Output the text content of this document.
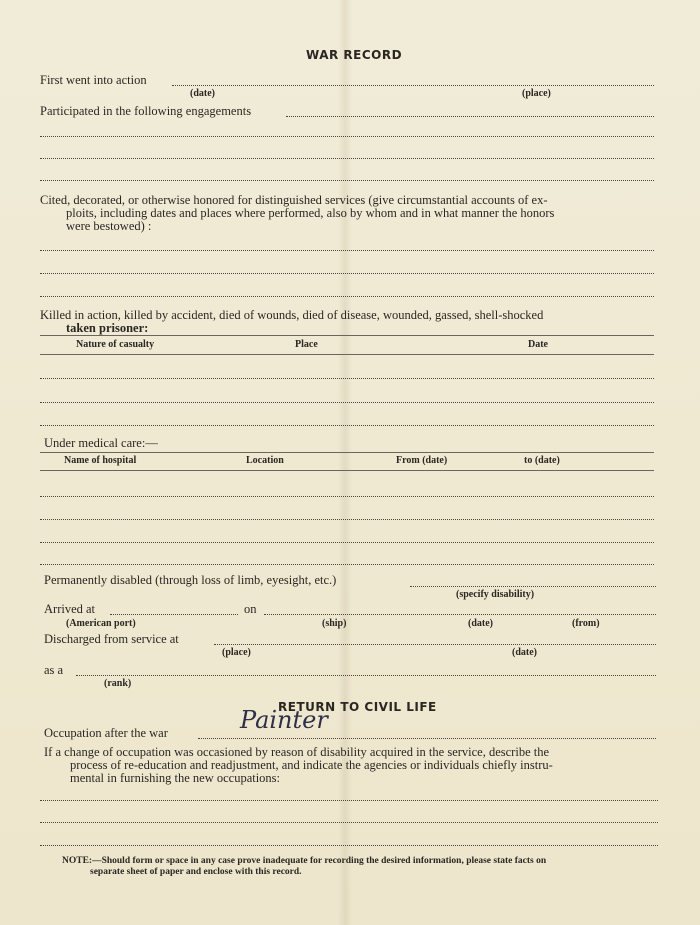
WAR RECORD
First went into action
(date)	(place)
Participated in the following engagements
Cited, decorated, or otherwise honored for distinguished services (give circumstantial accounts of ex-
ploits, including dates and places where performed, also by whom and in what manner the honors
were bestowed) :
Killed in action, killed by accident, died of wounds, died of disease, wounded, gassed, shell-shocked
taken prisoner:
Nature of casualty	Place	Date
Under medical care:—
Name of hospital	Location	From (date)	to (date)
Permanently disabled (through loss of limb, eyesight, etc.)
(specify disability)
Arrived at	on
(American port)	(ship)	(date)	(from)
Discharged from service at
(place)	(date)
as a
(rank)
RETURN TO CIVIL LIFE
Occupation after the war	Painter
If a change of occupation was occasioned by reason of disability acquired in the service, describe the
process of re-education and readjustment, and indicate the agencies or individuals chiefly instru-
mental in furnishing the new occupations:
NOTE:—Should form or space in any case prove inadequate for recording the desired information, please state facts on
separate sheet of paper and enclose with this record.
